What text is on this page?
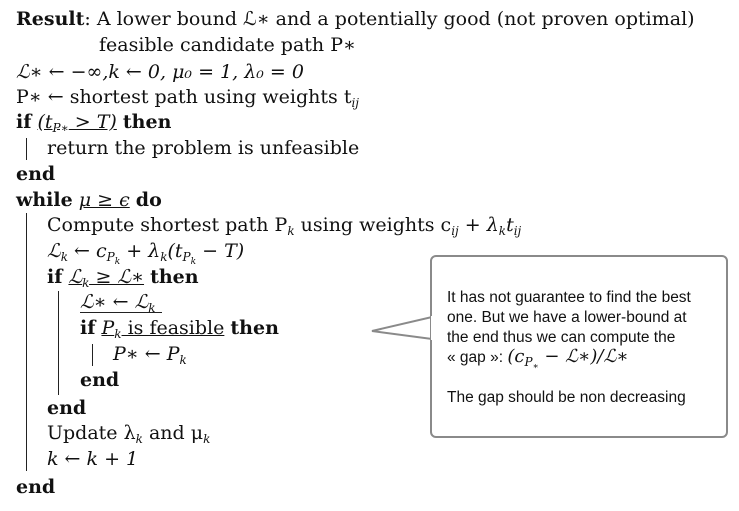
Result: A lower bound ℒ∗ and a potentially good (not proven optimal)
feasible candidate path P∗
ℒ∗ ← −∞,k ← 0, μ₀ = 1, λ₀ = 0
P∗ ← shortest path using weights $t_{ij}$
if $(t_{P∗} > T)$ then
return the problem is unfeasible
end
while μ ≥ ϵ do
Compute shortest path $P_k$ using weights $c_{ij} + \lambda_kt_{ij}$
ℒ$_k$ ← $c_{P_k} + \lambda_k(t_{P_k} - T)$
if ℒ$_k$ ≥ ℒ∗ then
ℒ∗ ← ℒ$_k$
if $P_k$ is feasible then
P∗ ← $P_k$
end
end
Update $\lambda_k$ and $\mu_k$
k ← k + 1
end
It has not guarantee to find the best
one. But we have a lower-bound at
the end thus we can compute the
« gap »: ($c_{P_∗}$ − ℒ∗)/ℒ∗
The gap should be non decreasing
